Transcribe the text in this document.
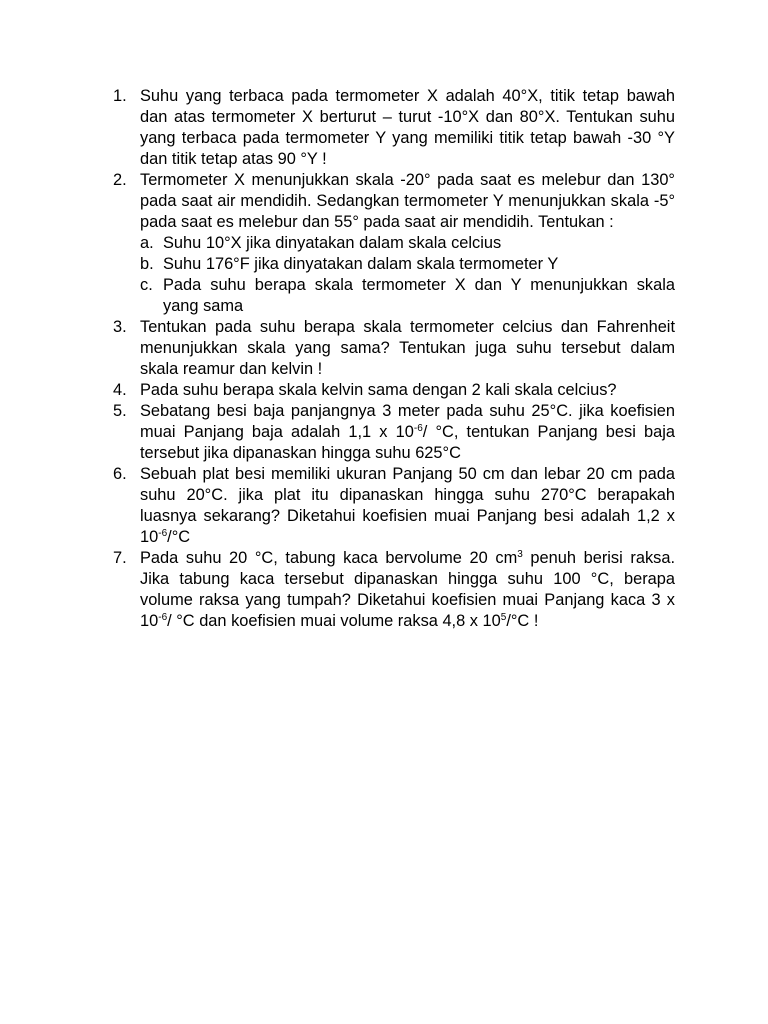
1. Suhu yang terbaca pada termometer X adalah 40°X, titik tetap bawah dan atas termometer X berturut – turut -10°X dan 80°X. Tentukan suhu yang terbaca pada termometer Y yang memiliki titik tetap bawah -30 °Y dan titik tetap atas 90 °Y !
2. Termometer X menunjukkan skala -20° pada saat es melebur dan 130° pada saat air mendidih. Sedangkan termometer Y menunjukkan skala -5° pada saat es melebur dan 55° pada saat air mendidih. Tentukan :
a. Suhu 10°X jika dinyatakan dalam skala celcius
b. Suhu 176°F jika dinyatakan dalam skala termometer Y
c. Pada suhu berapa skala termometer X dan Y menunjukkan skala yang sama
3. Tentukan pada suhu berapa skala termometer celcius dan Fahrenheit menunjukkan skala yang sama? Tentukan juga suhu tersebut dalam skala reamur dan kelvin !
4. Pada suhu berapa skala kelvin sama dengan 2 kali skala celcius?
5. Sebatang besi baja panjangnya 3 meter pada suhu 25°C. jika koefisien muai Panjang baja adalah 1,1 x $10^{-6}/$ °C, tentukan Panjang besi baja tersebut jika dipanaskan hingga suhu 625°C
6. Sebuah plat besi memiliki ukuran Panjang 50 cm dan lebar 20 cm pada suhu 20°C. jika plat itu dipanaskan hingga suhu 270°C berapakah luasnya sekarang? Diketahui koefisien muai Panjang besi adalah 1,2 x $10^{-6}/^\circ C$
7. Pada suhu 20 °C, tabung kaca bervolume 20 $cm^3$ penuh berisi raksa. Jika tabung kaca tersebut dipanaskan hingga suhu 100 °C, berapa volume raksa yang tumpah? Diketahui koefisien muai Panjang kaca 3 x $10^{-6}/$ °C dan koefisien muai volume raksa 4,8 x $10^5/^\circ C$ !
